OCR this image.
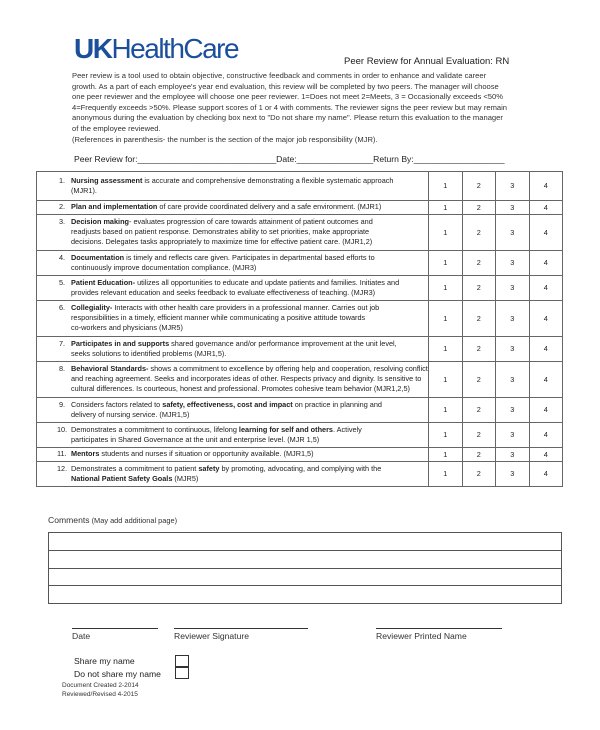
UKHealthCare	Peer Review for Annual Evaluation: RN

Peer review is a tool used to obtain objective, constructive feedback and comments in order to enhance and validate career

growth. As a part of each employee's year end evaluation, this review will be completed by two peers. The manager will choose

one peer reviewer and the employee will choose one peer reviewer. 1=Does not meet 2=Meets, 3 = Occasionally exceeds <50%

4=Frequently exceeds >50%. Please support scores of 1 or 4 with comments. The reviewer signs the peer review but may remain

anonymous during the evaluation by checking box next to "Do not share my name". Please return this evaluation to the manager

of the employee reviewed.

(References in parenthesis- the number is the section of the major job responsibility (MJR).

Peer Review for:_____________________________Date:________________Return By:___________________
1. Nursing assessment is accurate and comprehensive demonstrating a flexible systematic approach
(MJR1).	1	2	3	4

2. Plan and implementation of care provide coordinated delivery and a safe environment. (MJR1)	1	2	3	4

3. Decision making- evaluates progression of care towards attainment of patient outcomes and
readjusts based on patient response. Demonstrates ability to set priorities, make appropriate
decisions. Delegates tasks appropriately to maximize time for effective patient care. (MJR1,2)	1	2	3	4

4. Documentation is timely and reflects care given. Participates in departmental based efforts to
continuously improve documentation compliance. (MJR3)	1	2	3	4

5. Patient Education- utilizes all opportunities to educate and update patients and families. Initiates and
provides relevant education and seeks feedback to evaluate effectiveness of teaching. (MJR3)	1	2	3	4

6. Collegiality- Interacts with other health care providers in a professional manner. Carries out job
responsibilities in a timely, efficient manner while communicating a positive attitude towards
co-workers and physicians (MJR5)	1	2	3	4

7. Participates in and supports shared governance and/or performance improvement at the unit level,
seeks solutions to identified problems (MJR1,5).	1	2	3	4

8. Behavioral Standards- shows a commitment to excellence by offering help and cooperation, resolving conflict
and reaching agreement. Seeks and incorporates ideas of other. Respects privacy and dignity. Is sensitive to
cultural differences. Is courteous, honest and professional. Promotes cohesive team behavior (MJR1,2,5)	1	2	3	4

9. Considers factors related to safety, effectiveness, cost and impact on practice in planning and
delivery of nursing service. (MJR1,5)	1	2	3	4

10. Demonstrates a commitment to continuous, lifelong learning for self and others. Actively
participates in Shared Governance at the unit and enterprise level. (MJR 1,5)	1	2	3	4

11. Mentors students and nurses if situation or opportunity available. (MJR1,5)	1	2	3	4

12. Demonstrates a commitment to patient safety by promoting, advocating, and complying with the
National Patient Safety Goals (MJR5)	1	2	3	4
Comments (May add additional page)

Date	Reviewer Signature	Reviewer Printed Name
Share my name
Do not share my name
Document Created 2-2014
Reviewed/Revised 4-2015
